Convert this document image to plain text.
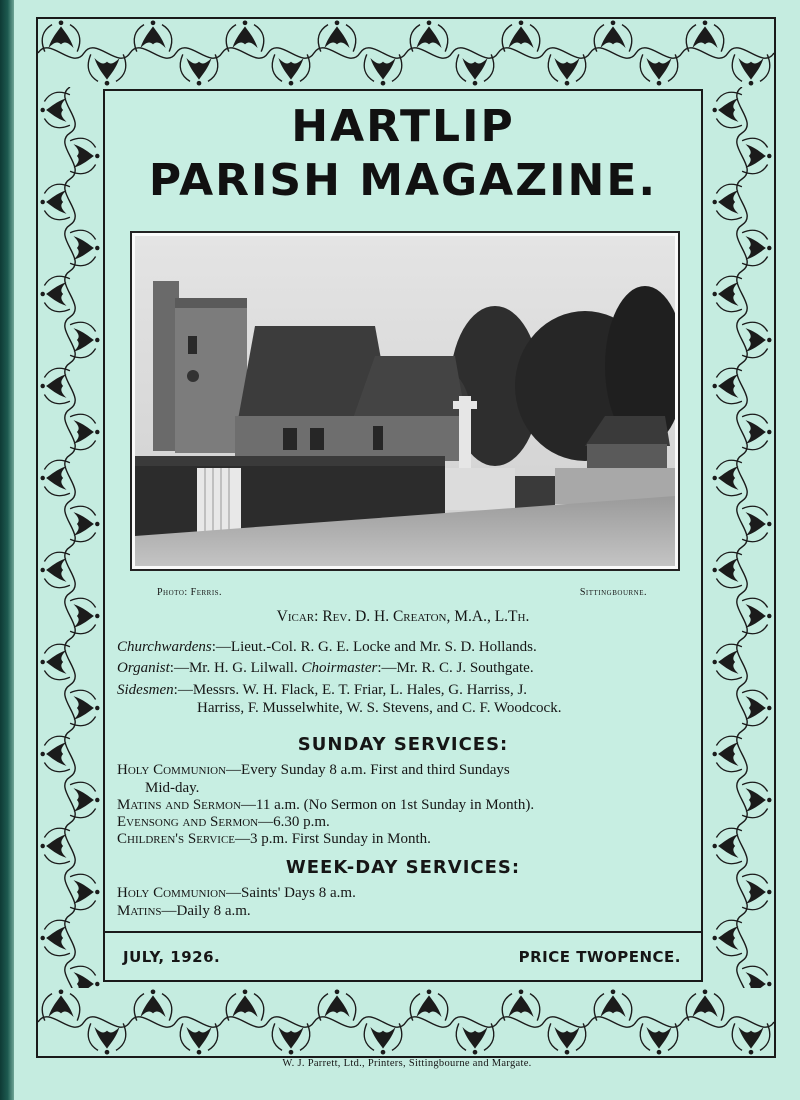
HARTLIP
PARISH MAGAZINE.
Photo: Ferris.	Sittingbourne.
Vicar: Rev. D. H. Creaton, M.A., L.Th.
Churchwardens:—Lieut.-Col. R. G. E. Locke and Mr. S. D. Hollands.
Organist:—Mr. H. G. Lilwall. Choirmaster:—Mr. R. C. J. Southgate.
Sidesmen:—Messrs. W. H. Flack, E. T. Friar, L. Hales, G. Harriss, J.
Harriss, F. Musselwhite, W. S. Stevens, and C. F. Woodcock.
SUNDAY SERVICES:
Holy Communion—Every Sunday 8 a.m. First and third Sundays
Mid-day.
Matins and Sermon—11 a.m. (No Sermon on 1st Sunday in Month).
Evensong and Sermon—6.30 p.m.
Children's Service—3 p.m. First Sunday in Month.
WEEK-DAY SERVICES:
Holy Communion—Saints' Days 8 a.m.
Matins—Daily 8 a.m.
JULY, 1926.	PRICE TWOPENCE.
W. J. Parrett, Ltd., Printers, Sittingbourne and Margate.
